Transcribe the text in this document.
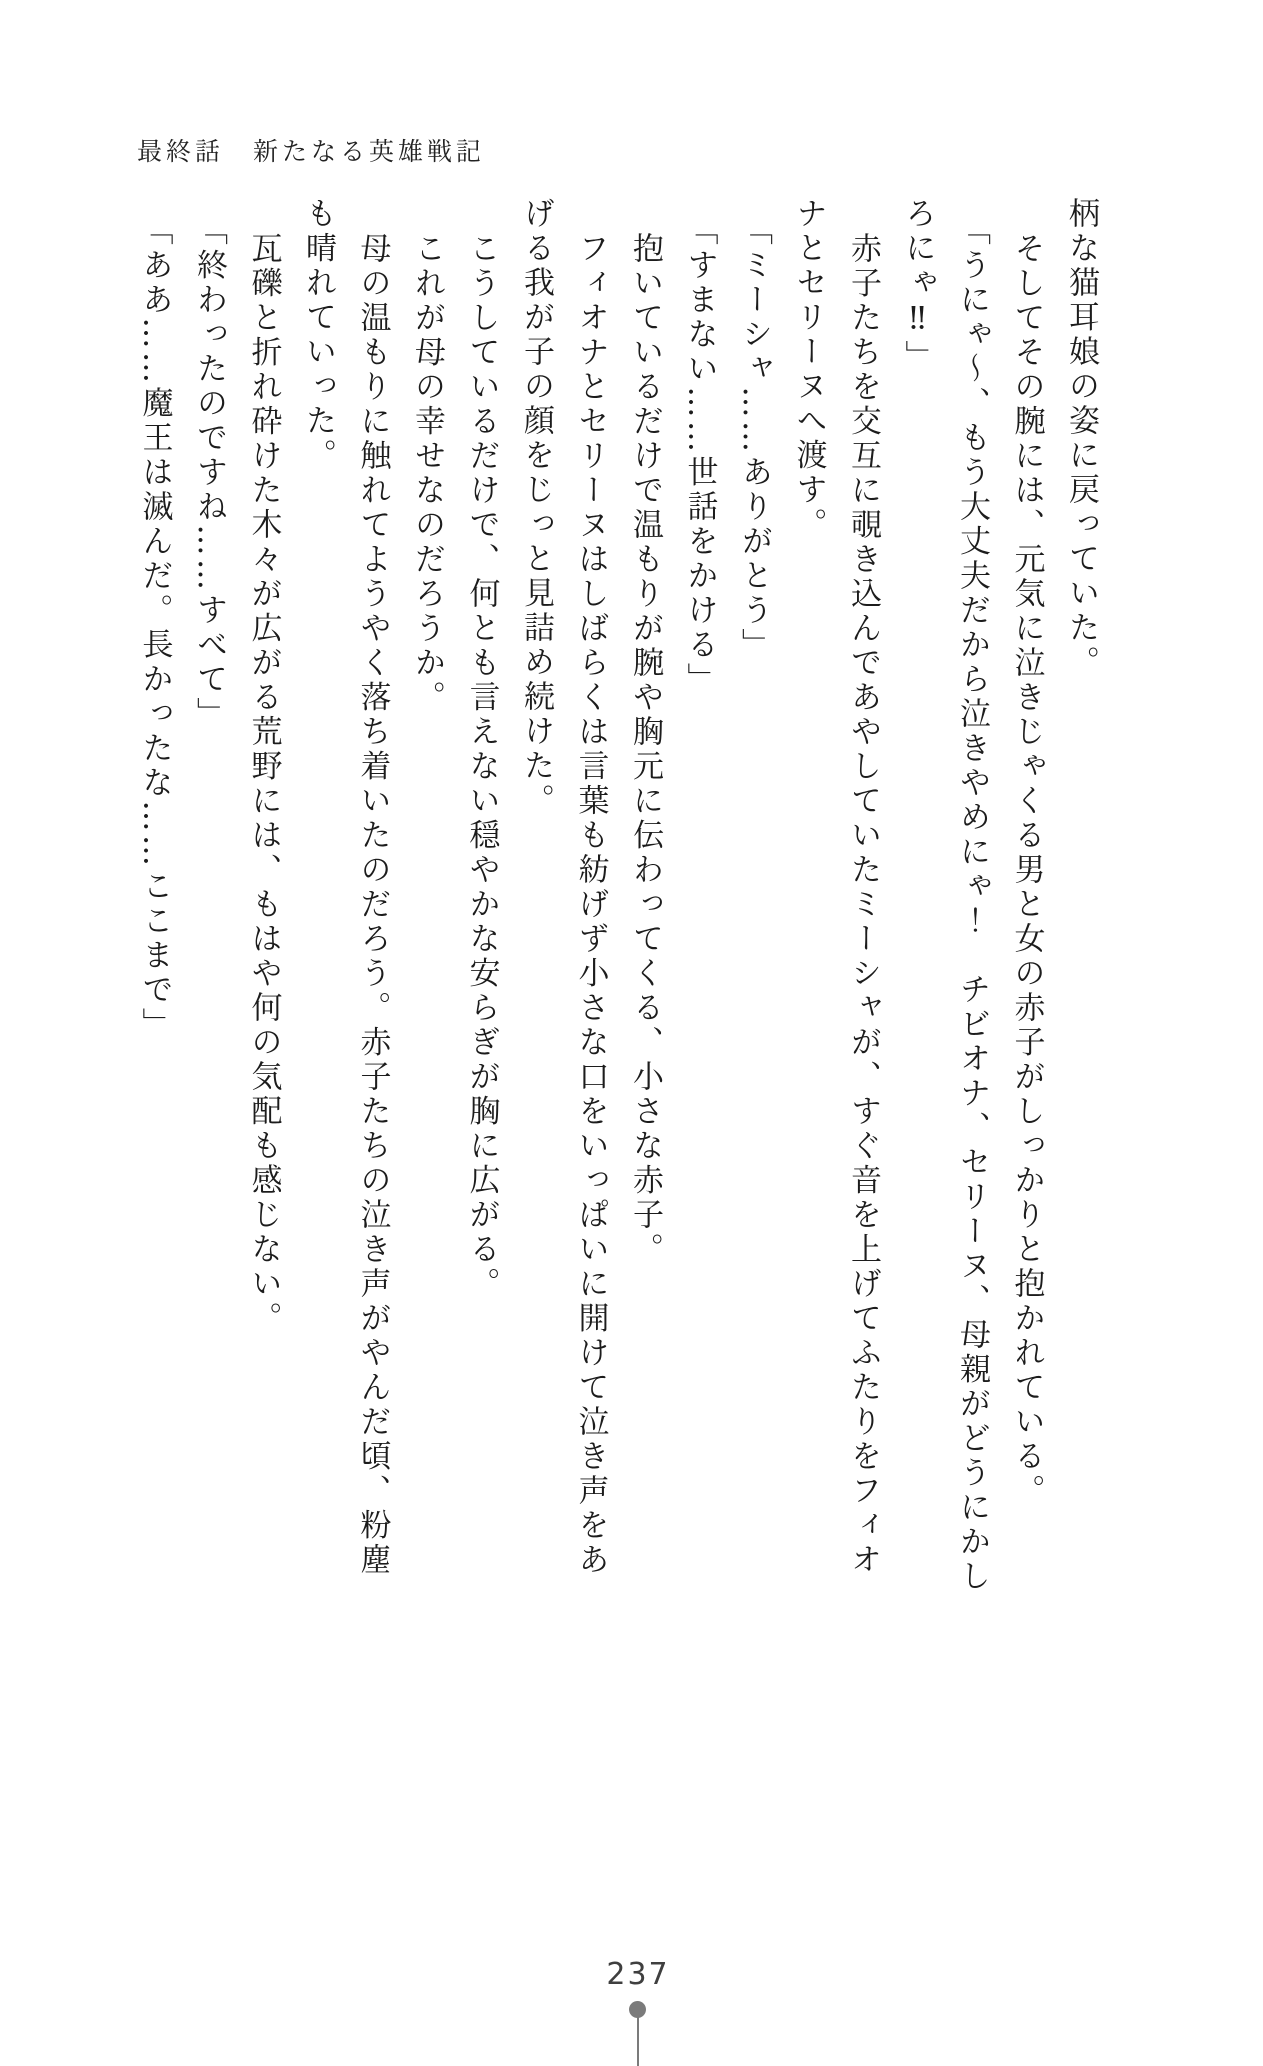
最終話　新たなる英雄戦記

柄な猫耳娘の姿に戻っていた。

そしてその腕には、元気に泣きじゃくる男と女の赤子がしっかりと抱かれている。

「うにゃ〜、もう大丈夫だから泣きやめにゃ！　チビオナ、セリーヌ、母親がどうにかしろにゃ‼」

赤子たちを交互に覗き込んであやしていたミーシャが、すぐ音を上げてふたりをフィオナとセリーヌへ渡す。

「ミーシャ……ありがとう」

「すまない……世話をかける」

抱いているだけで温もりが腕や胸元に伝わってくる、小さな赤子。

フィオナとセリーヌはしばらくは言葉も紡げず小さな口をいっぱいに開けて泣き声をあげる我が子の顔をじっと見詰め続けた。

こうしているだけで、何とも言えない穏やかな安らぎが胸に広がる。

これが母の幸せなのだろうか。

母の温もりに触れてようやく落ち着いたのだろう。赤子たちの泣き声がやんだ頃、粉塵も晴れていった。

瓦礫と折れ砕けた木々が広がる荒野には、もはや何の気配も感じない。

「終わったのですね……すべて」

「ああ……魔王は滅んだ。長かったな……ここまで」

237
